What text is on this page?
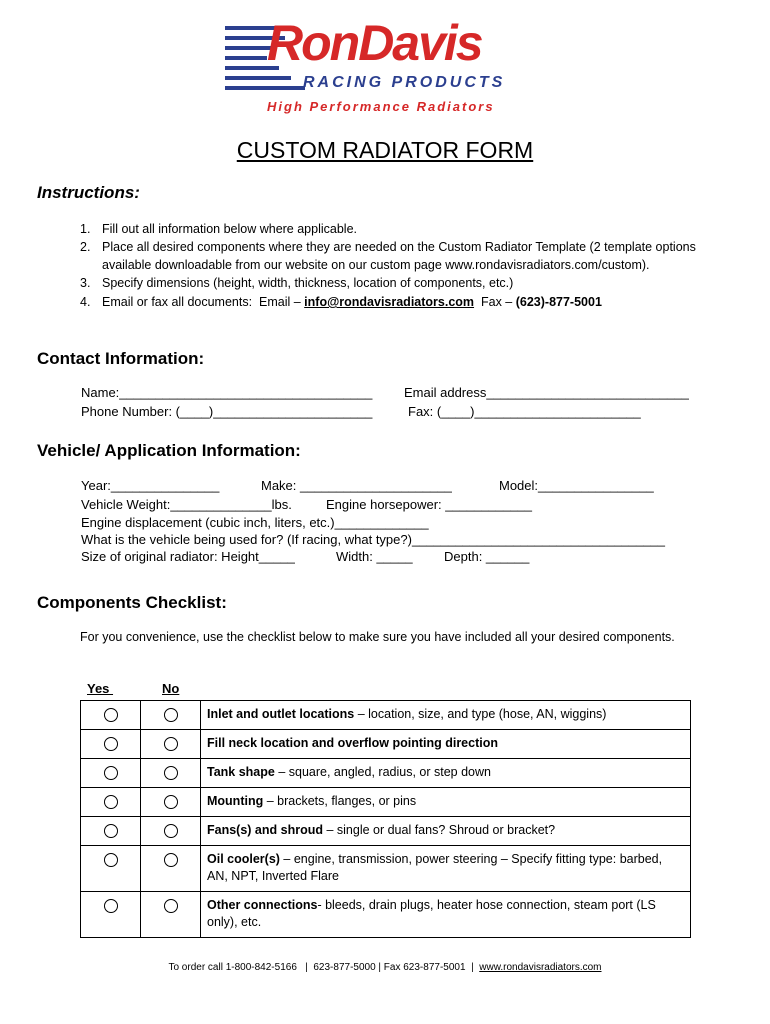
RonDavis
RACING PRODUCTS
High Performance Radiators
CUSTOM RADIATOR FORM
Instructions:
1. Fill out all information below where applicable.
2. Place all desired components where they are needed on the Custom Radiator Template (2 template options available downloadable from our website on our custom page www.rondavisradiators.com/custom).
3. Specify dimensions (height, width, thickness, location of components, etc.)
4. Email or fax all documents:  Email – info@rondavisradiators.com  Fax – (623)-877-5001
Contact Information:
Name:___________________________________ Email address____________________________
Phone Number: (____)______________________	Fax: (____)_______________________
Vehicle/ Application Information:
Year:_______________	Make: _____________________	Model:________________
Vehicle Weight:______________lbs.	Engine horsepower: ____________
Engine displacement (cubic inch, liters, etc.)_____________
What is the vehicle being used for? (If racing, what type?)___________________________________
Size of original radiator: Height_____	Width: _____ Depth: ______
Components Checklist:
For you convenience, use the checklist below to make sure you have included all your desired components.
Yes	No
		Inlet and outlet locations – location, size, and type (hose, AN, wiggins)
		Fill neck location and overflow pointing direction
		Tank shape – square, angled, radius, or step down
		Mounting – brackets, flanges, or pins
		Fans(s) and shroud – single or dual fans? Shroud or bracket?
		Oil cooler(s) – engine, transmission, power steering – Specify fitting type: barbed, AN, NPT, Inverted Flare
		Other connections- bleeds, drain plugs, heater hose connection, steam port (LS only), etc.
To order call 1-800-842-5166   |  623-877-5000 | Fax 623-877-5001  |  www.rondavisradiators.com
